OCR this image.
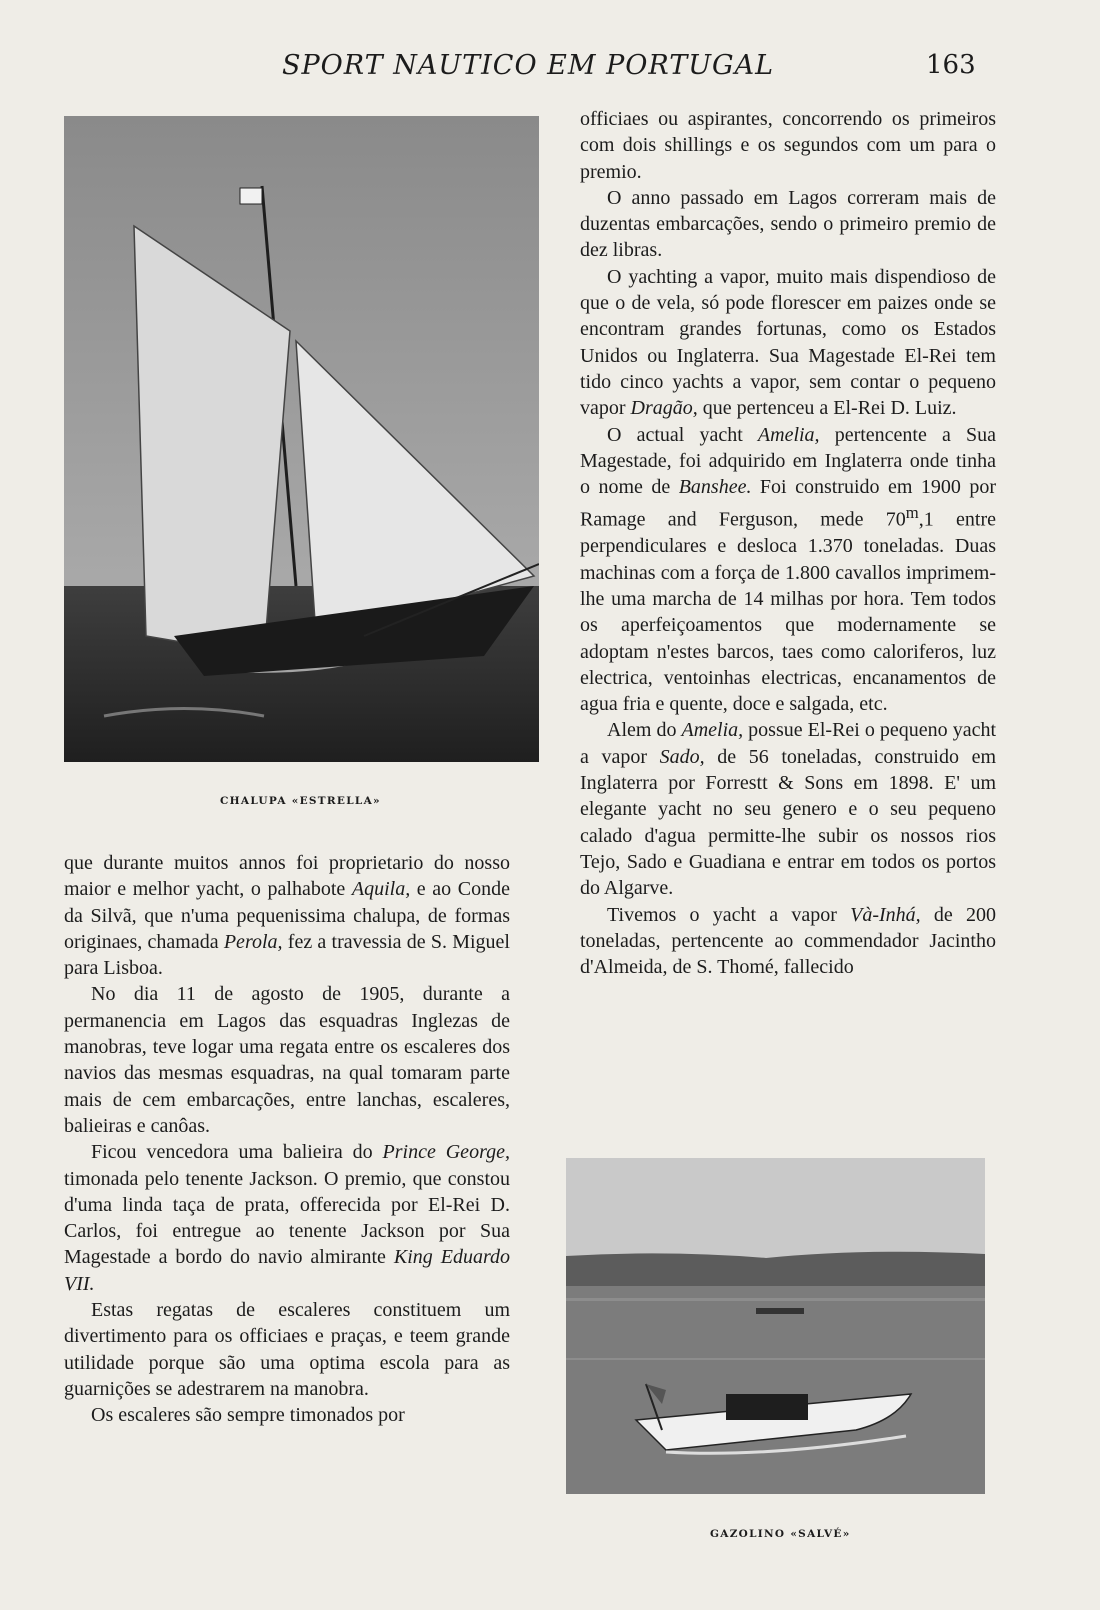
SPORT NAUTICO EM PORTUGAL	163
CHALUPA «ESTRELLA»
GAZOLINO «SALVÉ»

que durante muitos annos foi proprietario do nosso maior e melhor yacht, o palhabote Aquila, e ao Conde da Silvã, que n'uma pequenissima chalupa, de formas originaes, chamada Perola, fez a travessia de S. Miguel para Lisboa.

No dia 11 de agosto de 1905, durante a permanencia em Lagos das esquadras Inglezas de manobras, teve logar uma regata entre os escaleres dos navios das mesmas esquadras, na qual tomaram parte mais de cem embarcações, entre lanchas, escaleres, balieiras e canôas.

Ficou vencedora uma balieira do Prince George, timonada pelo tenente Jackson. O premio, que constou d'uma linda taça de prata, offerecida por El-Rei D. Carlos, foi entregue ao tenente Jackson por Sua Magestade a bordo do navio almirante King Eduardo VII.

Estas regatas de escaleres constituem um divertimento para os officiaes e praças, e teem grande utilidade porque são uma optima escola para as guarnições se adestrarem na manobra.

Os escaleres são sempre timonados por

officiaes ou aspirantes, concorrendo os primeiros com dois shillings e os segundos com um para o premio.

O anno passado em Lagos correram mais de duzentas embarcações, sendo o primeiro premio de dez libras.

O yachting a vapor, muito mais dispendioso de que o de vela, só pode florescer em paizes onde se encontram grandes fortunas, como os Estados Unidos ou Inglaterra. Sua Magestade El-Rei tem tido cinco yachts a vapor, sem contar o pequeno vapor Dragão, que pertenceu a El-Rei D. Luiz.

O actual yacht Amelia, pertencente a Sua Magestade, foi adquirido em Inglaterra onde tinha o nome de Banshee. Foi construido em 1900 por Ramage and Ferguson, mede 70$^m$,1 entre perpendiculares e desloca 1.370 toneladas. Duas machinas com a força de 1.800 cavallos imprimem-lhe uma marcha de 14 milhas por hora. Tem todos os aperfeiçoamentos que modernamente se adoptam n'estes barcos, taes como caloriferos, luz electrica, ventoinhas electricas, encanamentos de agua fria e quente, doce e salgada, etc.

Alem do Amelia, possue El-Rei o pequeno yacht a vapor Sado, de 56 toneladas, construido em Inglaterra por Forrestt & Sons em 1898. E' um elegante yacht no seu genero e o seu pequeno calado d'agua permitte-lhe subir os nossos rios Tejo, Sado e Guadiana e entrar em todos os portos do Algarve.

Tivemos o yacht a vapor Và-Inhá, de 200 toneladas, pertencente ao commendador Jacintho d'Almeida, de S. Thomé, fallecido
